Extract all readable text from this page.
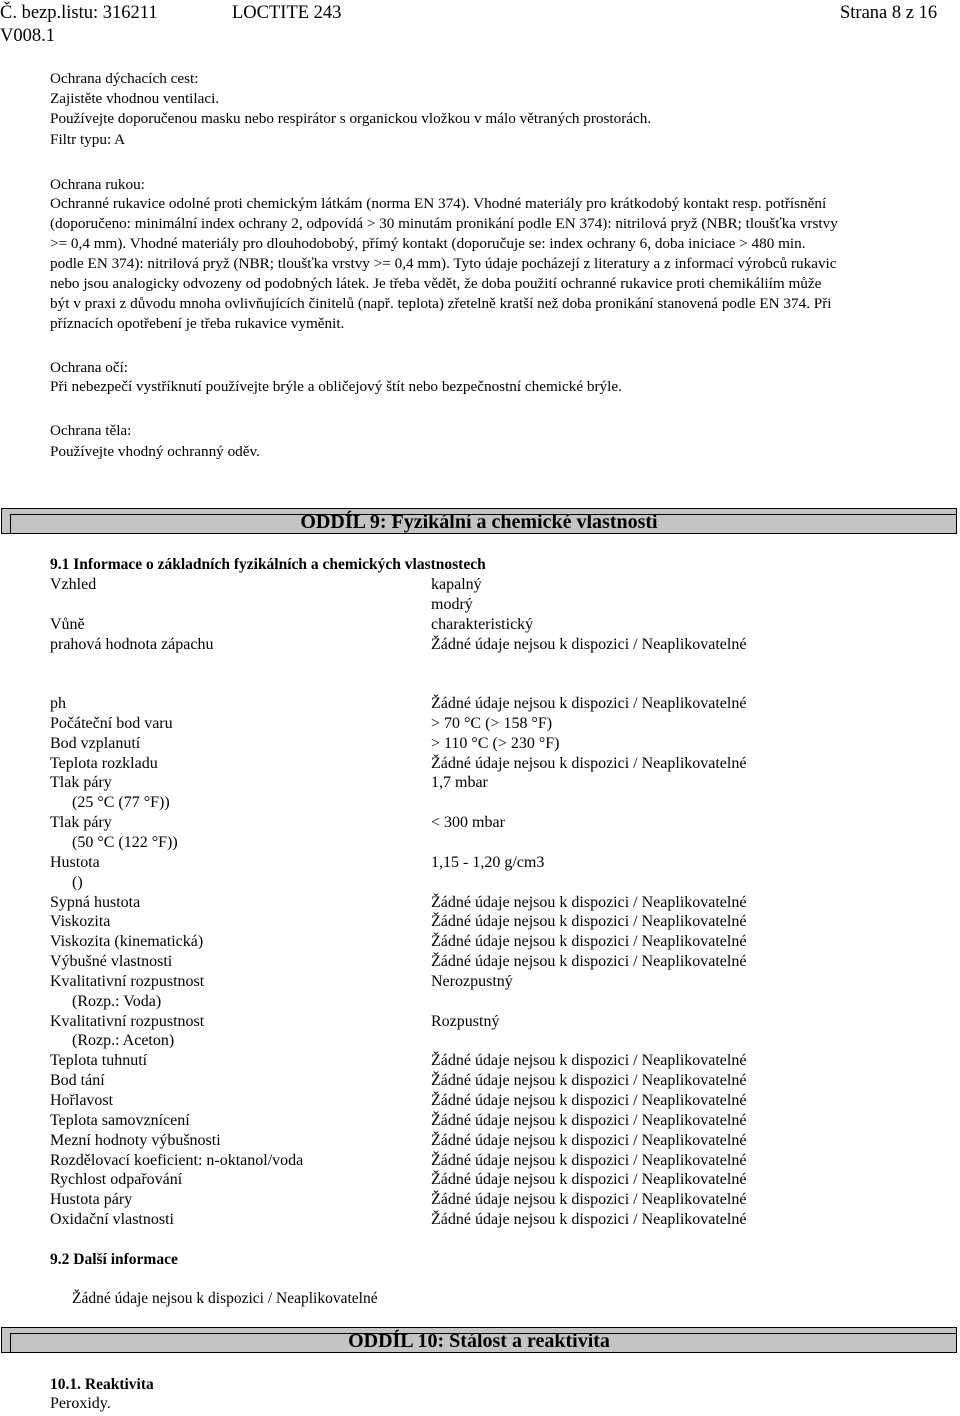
Č. bezp.listu: 316211	LOCTITE 243	Strana 8 z 16
V008.1
Ochrana dýchacích cest:
Zajistěte vhodnou ventilaci.
Používejte doporučenou masku nebo respirátor s organickou vložkou v málo větraných prostorách.
Filtr typu: A
Ochrana rukou:
Ochranné rukavice odolné proti chemickým látkám (norma EN 374). Vhodné materiály pro krátkodobý kontakt resp. potřísnění
(doporučeno: minimální index ochrany 2, odpovídá > 30 minutám pronikání podle EN 374): nitrilová pryž (NBR; tloušťka vrstvy
>= 0,4 mm). Vhodné materiály pro dlouhodobobý, přímý kontakt (doporučuje se: index ochrany 6, doba iniciace > 480 min.
podle EN 374): nitrilová pryž (NBR; tloušťka vrstvy >= 0,4 mm). Tyto údaje pocházejí z literatury a z informací výrobců rukavic
nebo jsou analogicky odvozeny od podobných látek. Je třeba vědět, že doba použití ochranné rukavice proti chemikáliím může
být v praxi z důvodu mnoha ovlivňujících činitelů (např. teplota) zřetelně kratší než doba pronikání stanovená podle EN 374. Při
příznacích opotřebení je třeba rukavice vyměnit.
Ochrana očí:
Při nebezpečí vystříknutí používejte brýle a obličejový štít nebo bezpečnostní chemické brýle.
Ochrana těla:
Používejte vhodný ochranný oděv.
ODDÍL 9: Fyzikální a chemické vlastnosti
9.1 Informace o základních fyzikálních a chemických vlastnostech
Vzhled	kapalný
modrý
Vůně	charakteristický
prahová hodnota zápachu	Žádné údaje nejsou k dispozici / Neaplikovatelné
ph	Žádné údaje nejsou k dispozici / Neaplikovatelné
Počáteční bod varu	> 70 °C (> 158 °F)
Bod vzplanutí	> 110 °C (> 230 °F)
Teplota rozkladu	Žádné údaje nejsou k dispozici / Neaplikovatelné
Tlak páry	1,7 mbar
(25 °C (77 °F))
Tlak páry	< 300 mbar
(50 °C (122 °F))
Hustota	1,15 - 1,20 g/cm3
()
Sypná hustota	Žádné údaje nejsou k dispozici / Neaplikovatelné
Viskozita	Žádné údaje nejsou k dispozici / Neaplikovatelné
Viskozita (kinematická)	Žádné údaje nejsou k dispozici / Neaplikovatelné
Výbušné vlastnosti	Žádné údaje nejsou k dispozici / Neaplikovatelné
Kvalitativní rozpustnost	Nerozpustný
(Rozp.: Voda)
Kvalitativní rozpustnost	Rozpustný
(Rozp.: Aceton)
Teplota tuhnutí	Žádné údaje nejsou k dispozici / Neaplikovatelné
Bod tání	Žádné údaje nejsou k dispozici / Neaplikovatelné
Hořlavost	Žádné údaje nejsou k dispozici / Neaplikovatelné
Teplota samovznícení	Žádné údaje nejsou k dispozici / Neaplikovatelné
Mezní hodnoty výbušnosti	Žádné údaje nejsou k dispozici / Neaplikovatelné
Rozdělovací koeficient: n-oktanol/voda	Žádné údaje nejsou k dispozici / Neaplikovatelné
Rychlost odpařování	Žádné údaje nejsou k dispozici / Neaplikovatelné
Hustota páry	Žádné údaje nejsou k dispozici / Neaplikovatelné
Oxidační vlastnosti	Žádné údaje nejsou k dispozici / Neaplikovatelné
9.2 Další informace
Žádné údaje nejsou k dispozici / Neaplikovatelné
ODDÍL 10: Stálost a reaktivita
10.1. Reaktivita
Peroxidy.
